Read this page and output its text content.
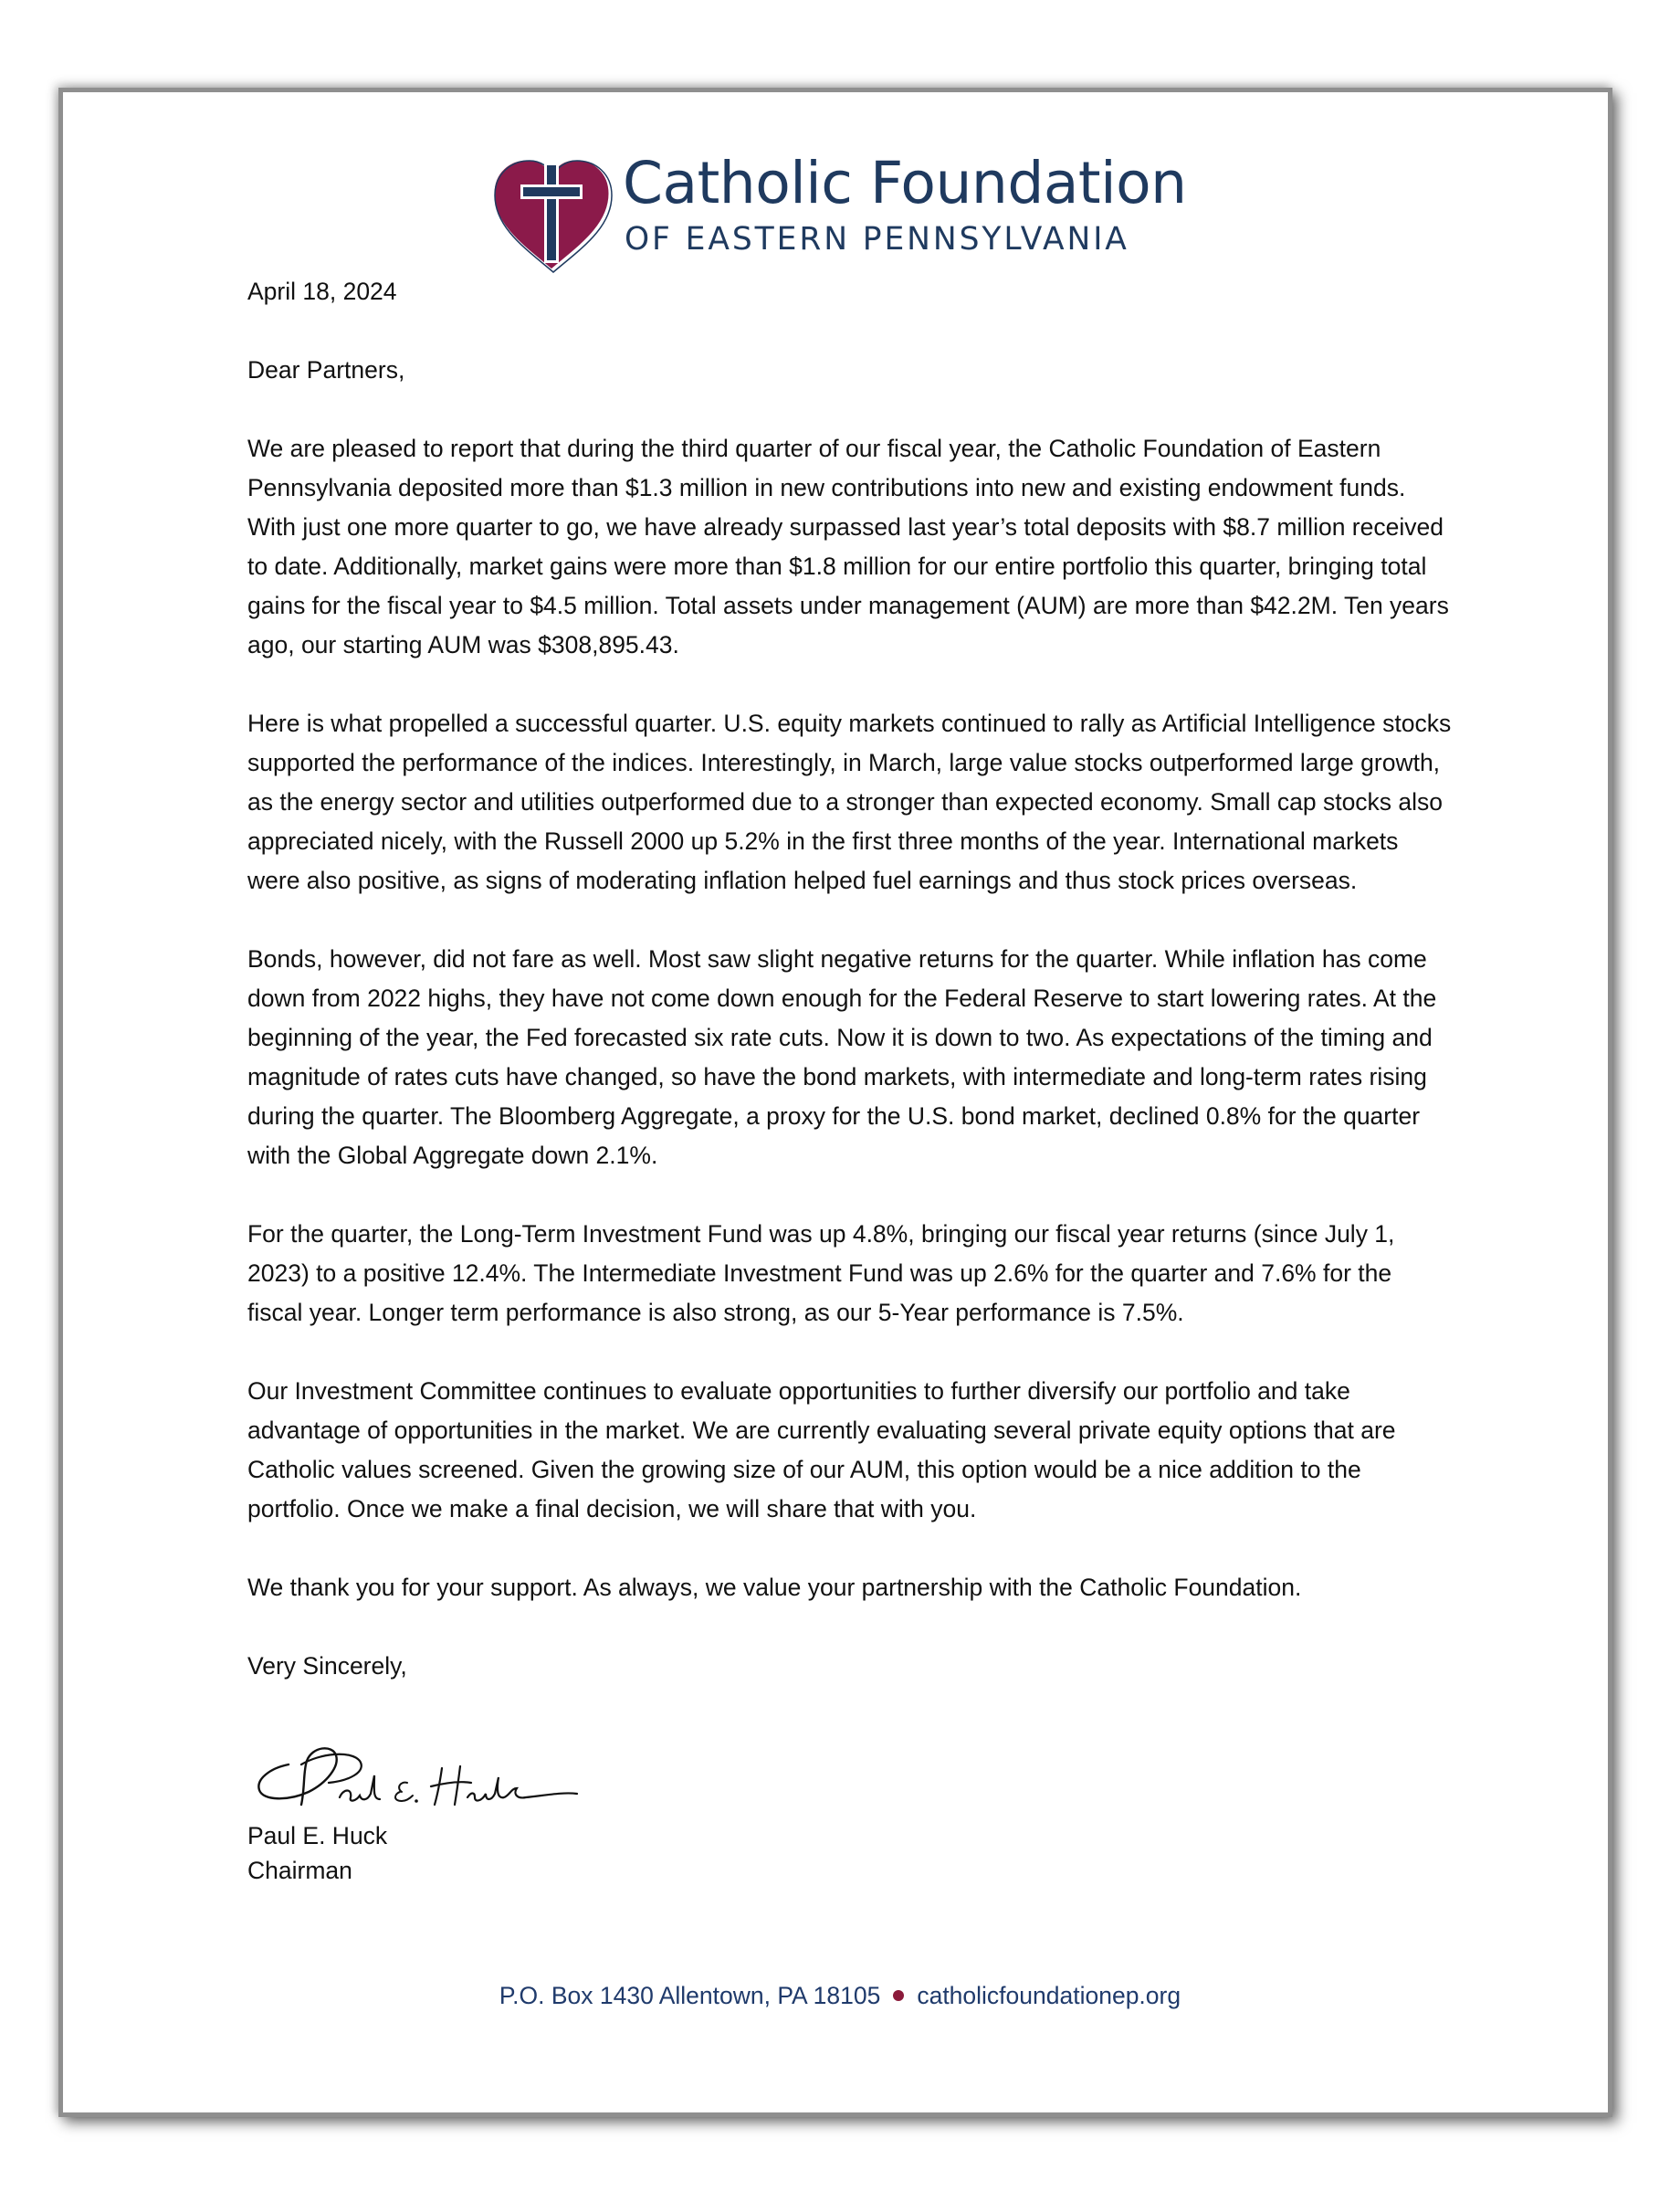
Catholic Foundation
OF EASTERN PENNSYLVANIA

April 18, 2024

Dear Partners,

We are pleased to report that during the third quarter of our fiscal year, the Catholic Foundation of Eastern Pennsylvania deposited more than $1.3 million in new contributions into new and existing endowment funds. With just one more quarter to go, we have already surpassed last year’s total deposits with $8.7 million received to date. Additionally, market gains were more than $1.8 million for our entire portfolio this quarter, bringing total gains for the fiscal year to $4.5 million. Total assets under management (AUM) are more than $42.2M. Ten years ago, our starting AUM was $308,895.43.

Here is what propelled a successful quarter. U.S. equity markets continued to rally as Artificial Intelligence stocks supported the performance of the indices. Interestingly, in March, large value stocks outperformed large growth, as the energy sector and utilities outperformed due to a stronger than expected economy. Small cap stocks also appreciated nicely, with the Russell 2000 up 5.2% in the first three months of the year. International markets were also positive, as signs of moderating inflation helped fuel earnings and thus stock prices overseas.

Bonds, however, did not fare as well. Most saw slight negative returns for the quarter. While inflation has come down from 2022 highs, they have not come down enough for the Federal Reserve to start lowering rates. At the beginning of the year, the Fed forecasted six rate cuts. Now it is down to two. As expectations of the timing and magnitude of rates cuts have changed, so have the bond markets, with intermediate and long-term rates rising during the quarter. The Bloomberg Aggregate, a proxy for the U.S. bond market, declined 0.8% for the quarter with the Global Aggregate down 2.1%.

For the quarter, the Long-Term Investment Fund was up 4.8%, bringing our fiscal year returns (since July 1, 2023) to a positive 12.4%. The Intermediate Investment Fund was up 2.6% for the quarter and 7.6% for the fiscal year. Longer term performance is also strong, as our 5-Year performance is 7.5%.

Our Investment Committee continues to evaluate opportunities to further diversify our portfolio and take advantage of opportunities in the market. We are currently evaluating several private equity options that are Catholic values screened. Given the growing size of our AUM, this option would be a nice addition to the portfolio. Once we make a final decision, we will share that with you.

We thank you for your support. As always, we value your partnership with the Catholic Foundation.

Very Sincerely,

Paul E. Huck
Chairman
P.O. Box 1430 Allentown, PA 18105 catholicfoundationep.org
